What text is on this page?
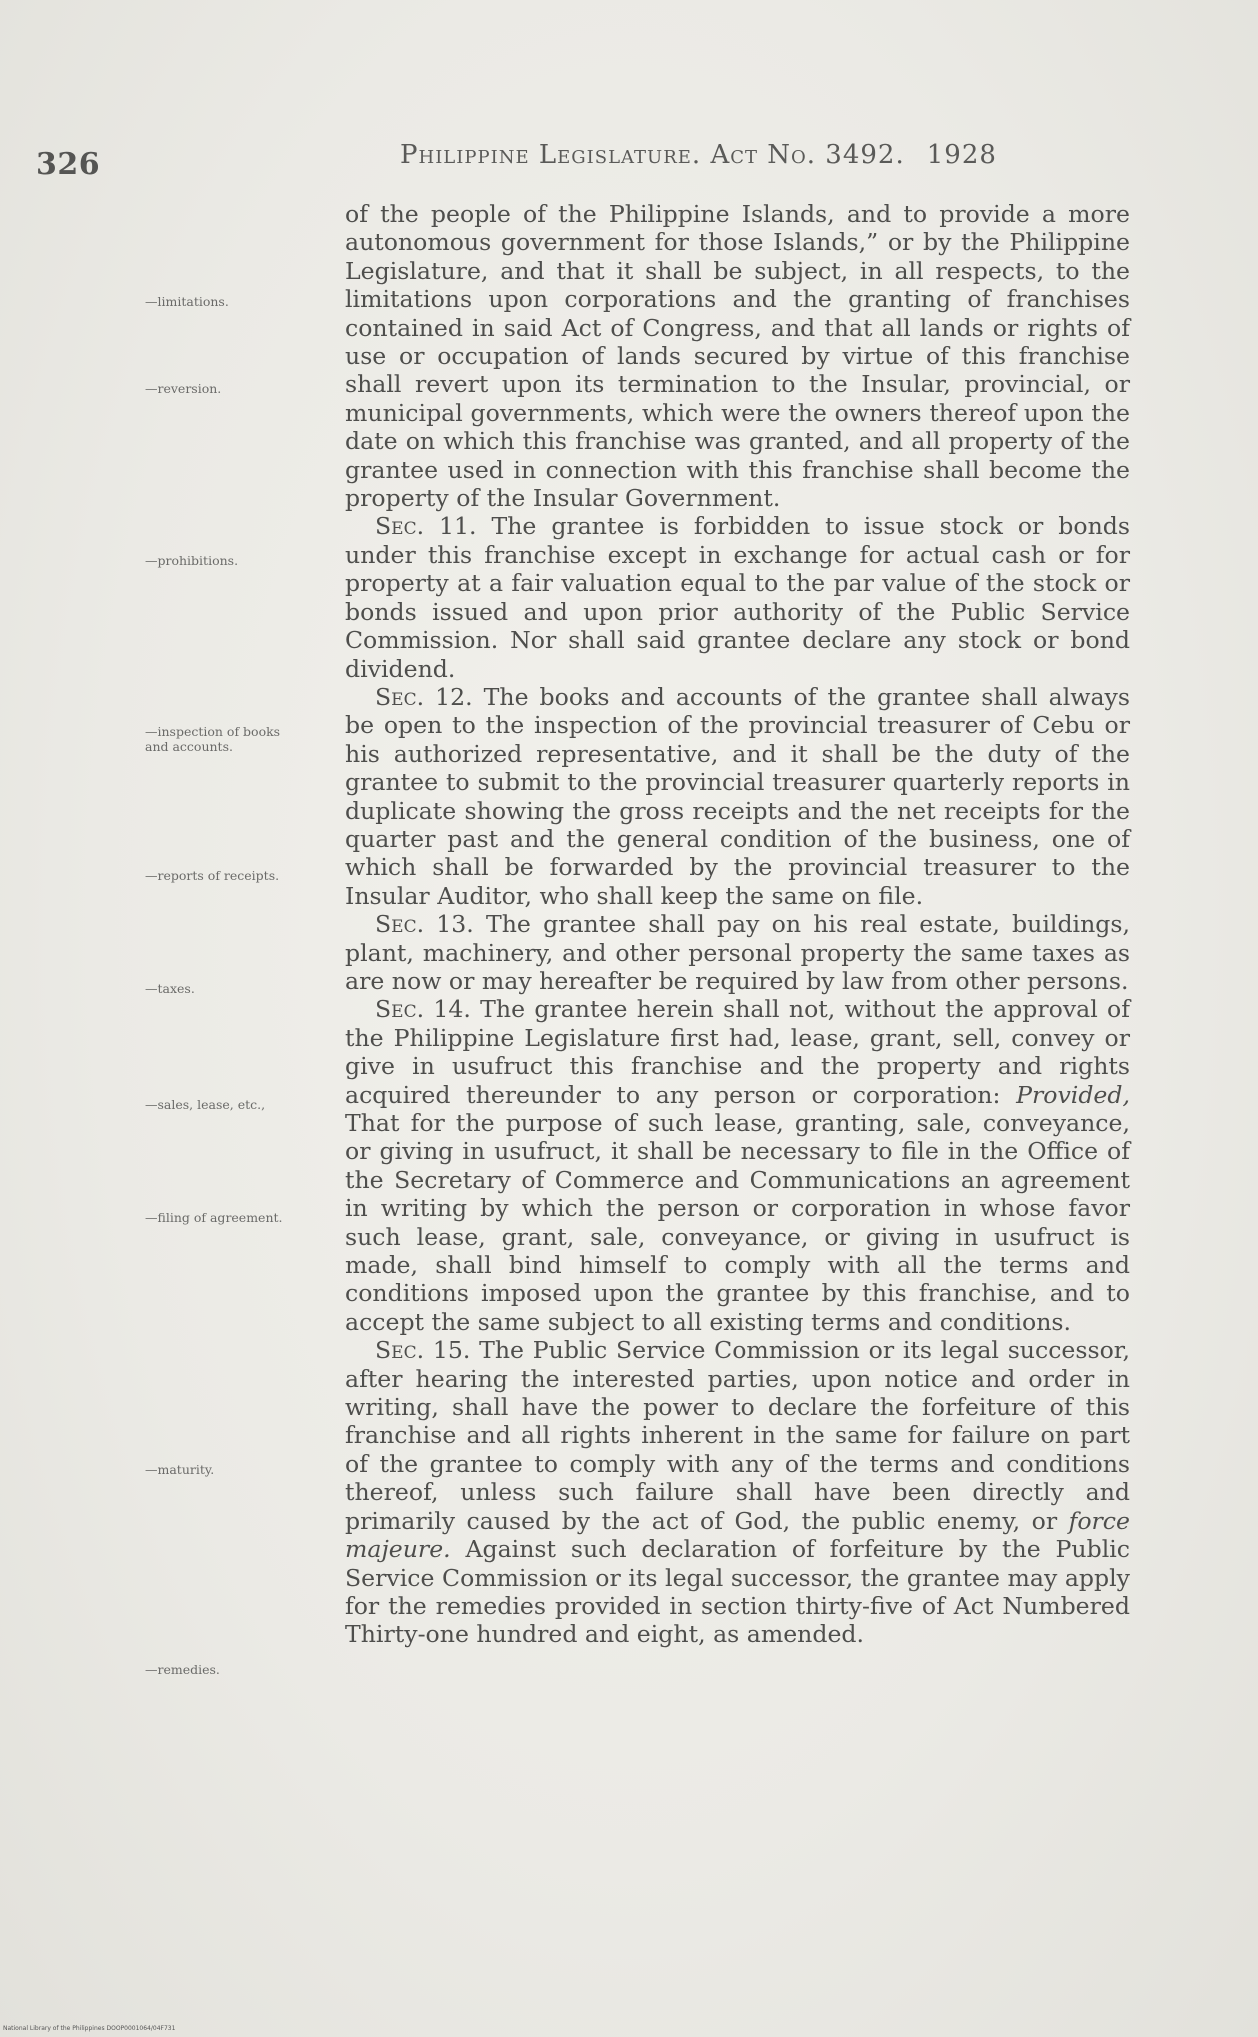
326	Philippine Legislature. Act No. 3492. 1928
—limitations.
—reversion.
—prohibitions.
—inspection of books
and accounts.
—reports of receipts.
—taxes.
—sales, lease, etc.,
—filing of agreement.
—maturity.
—remedies.

of the people of the Philippine Islands, and to provide a more autonomous government for those Islands,” or by the Philippine Legislature, and that it shall be subject, in all respects, to the limitations upon corporations and the granting of franchises contained in said Act of Congress, and that all lands or rights of use or occupation of lands secured by virtue of this franchise shall revert upon its termination to the Insular, provincial, or municipal governments, which were the owners thereof upon the date on which this franchise was granted, and all property of the grantee used in connection with this franchise shall become the property of the Insular Government.

Sec. 11. The grantee is forbidden to issue stock or bonds under this franchise except in exchange for actual cash or for property at a fair valuation equal to the par value of the stock or bonds issued and upon prior authority of the Public Service Commission. Nor shall said grantee declare any stock or bond dividend.

Sec. 12. The books and accounts of the grantee shall always be open to the inspection of the provincial treasurer of Cebu or his authorized representative, and it shall be the duty of the grantee to submit to the provincial treasurer quarterly reports in duplicate showing the gross receipts and the net receipts for the quarter past and the general condition of the business, one of which shall be forwarded by the provincial treasurer to the Insular Auditor, who shall keep the same on file.

Sec. 13. The grantee shall pay on his real estate, buildings, plant, machinery, and other personal property the same taxes as are now or may hereafter be required by law from other persons.

Sec. 14. The grantee herein shall not, without the approval of the Philippine Legislature first had, lease, grant, sell, convey or give in usufruct this franchise and the property and rights acquired thereunder to any person or corporation: Provided, That for the purpose of such lease, granting, sale, conveyance, or giving in usufruct, it shall be necessary to file in the Office of the Secretary of Commerce and Communications an agreement in writing by which the person or corporation in whose favor such lease, grant, sale, conveyance, or giving in usufruct is made, shall bind himself to comply with all the terms and conditions imposed upon the grantee by this franchise, and to accept the same subject to all existing terms and conditions.

Sec. 15. The Public Service Commission or its legal successor, after hearing the interested parties, upon notice and order in writing, shall have the power to declare the forfeiture of this franchise and all rights inherent in the same for failure on part of the grantee to comply with any of the terms and conditions thereof, unless such failure shall have been directly and primarily caused by the act of God, the public enemy, or force majeure. Against such declaration of forfeiture by the Public Service Commission or its legal successor, the grantee may apply for the remedies provided in section thirty-five of Act Numbered Thirty-one hundred and eight, as amended.

National Library of the Philippines DOOP0001064/04F731
